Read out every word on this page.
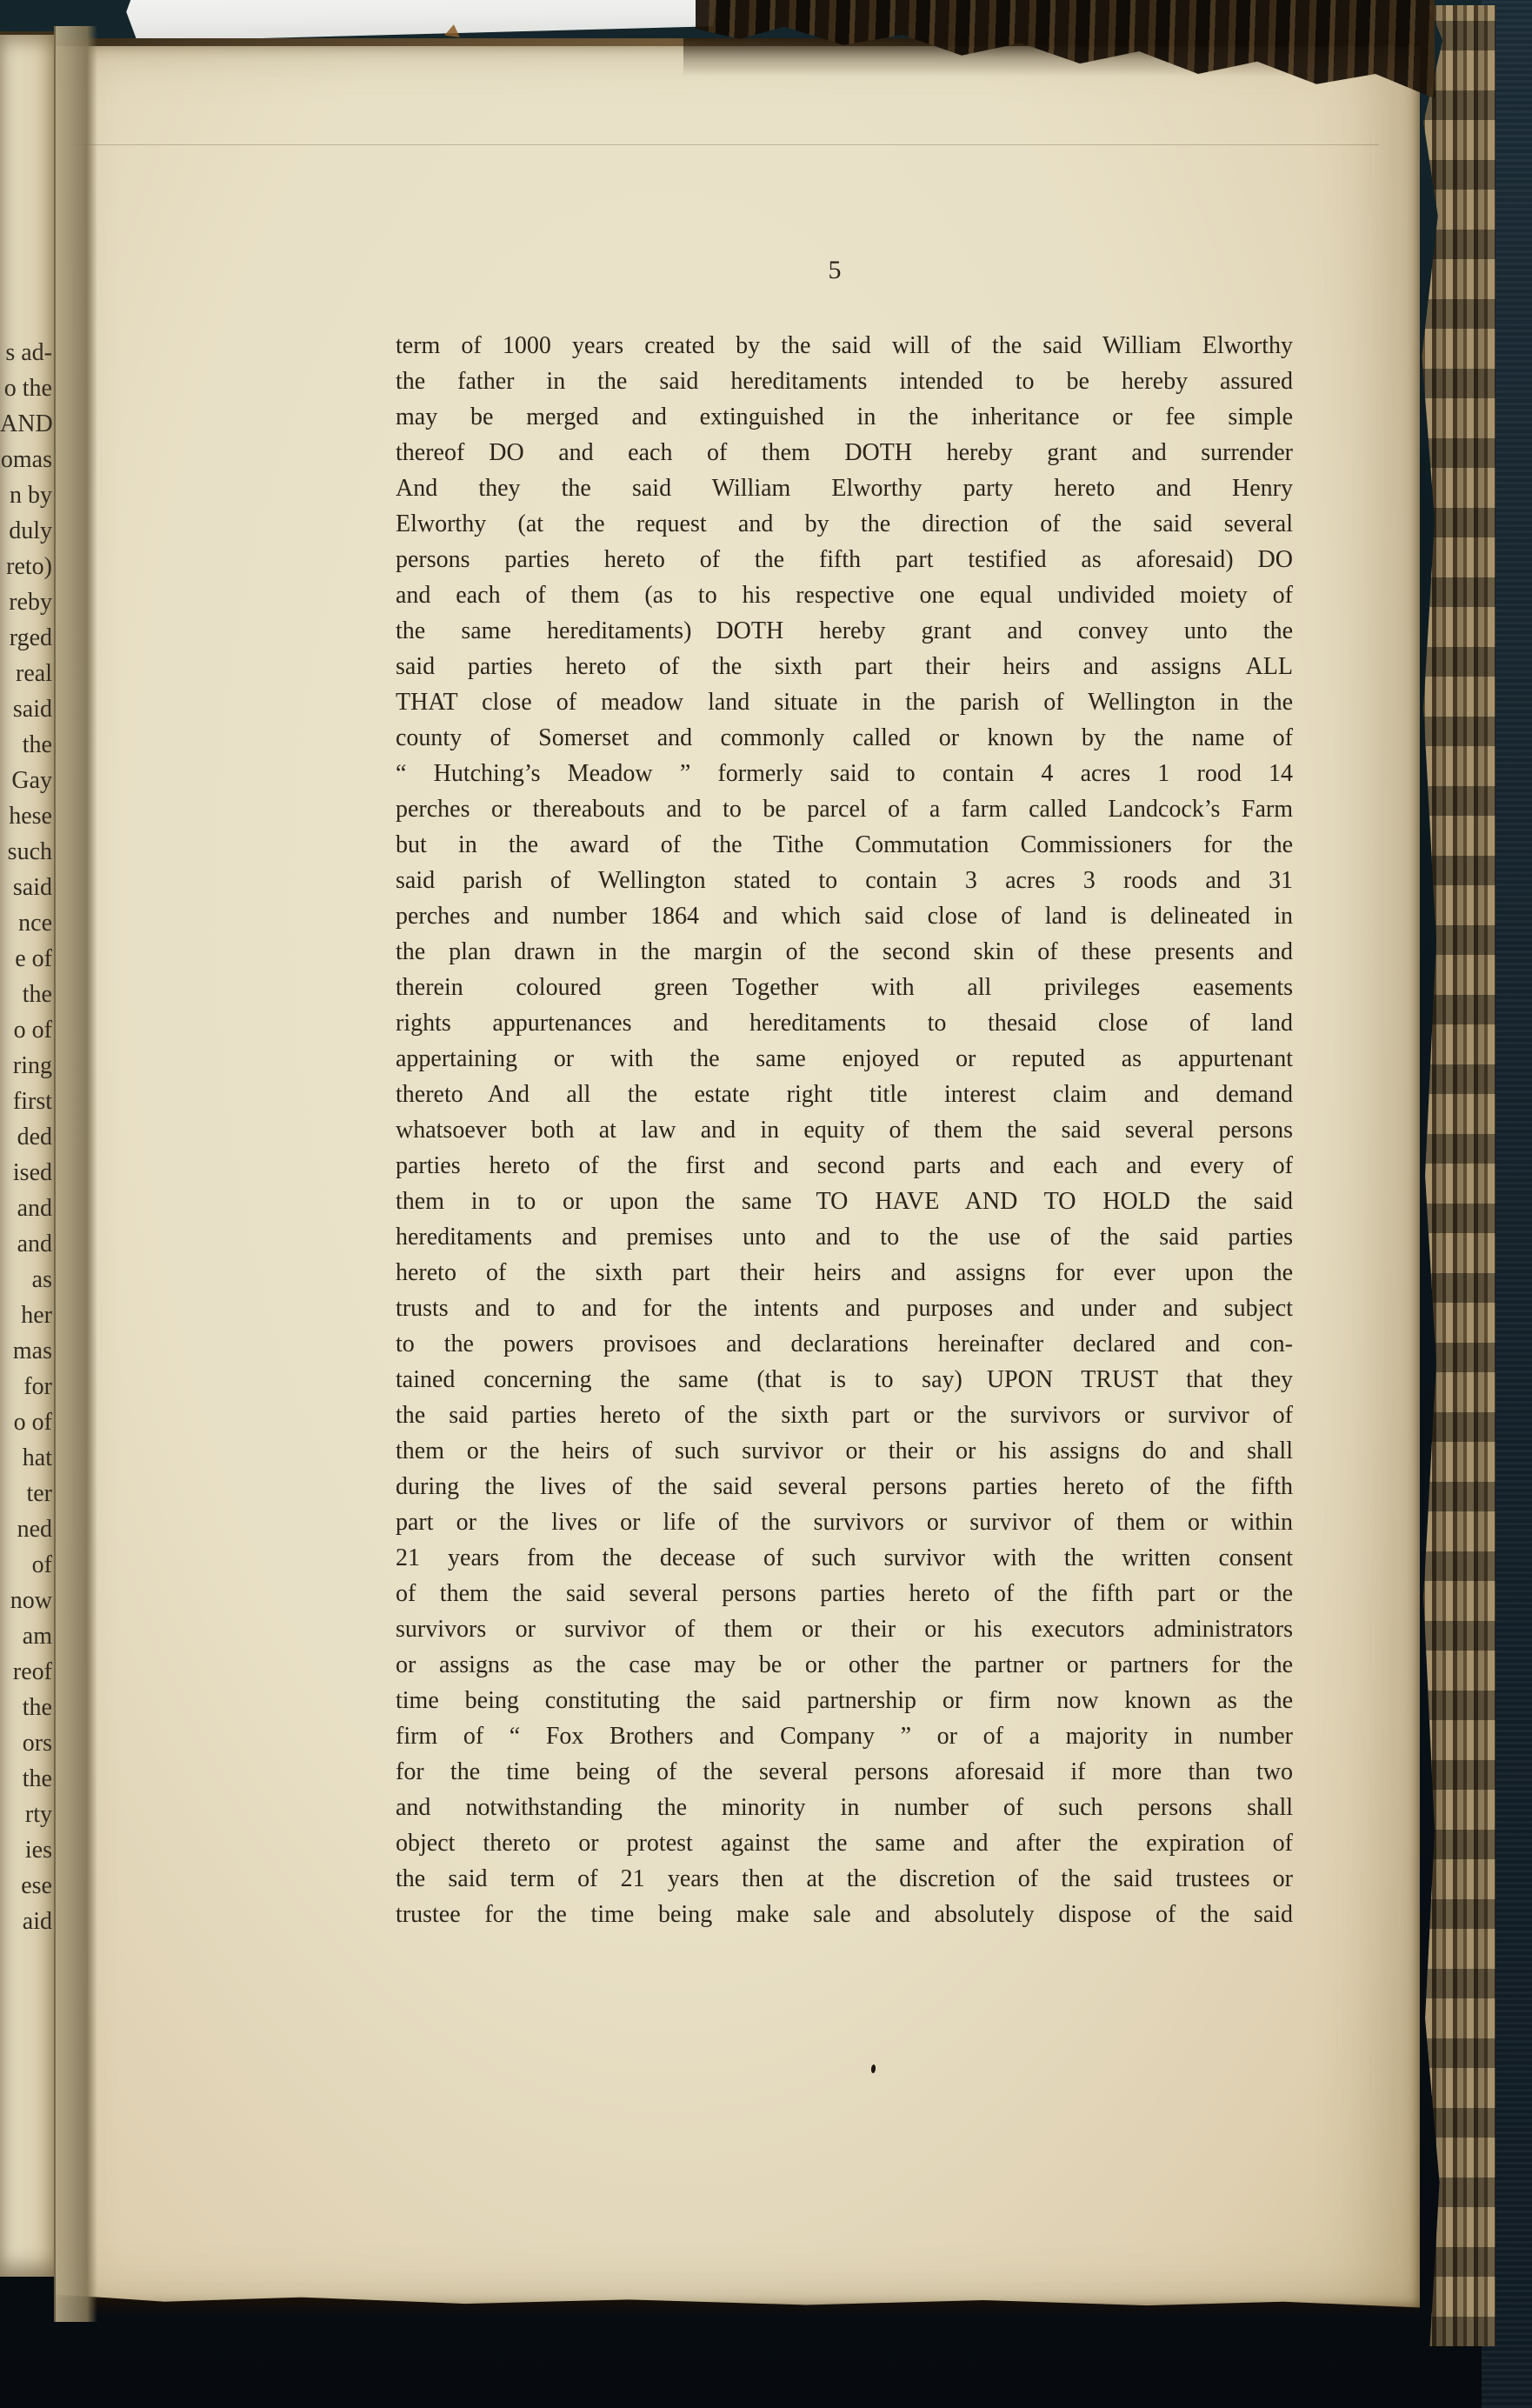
s ad-
o the
AND
omas
n by
duly
reto)
reby
rged
real
said
the
Gay
hese
such
said
nce
e of
the
o of
ring
first
ded
ised
and
and
as
her
mas
for
o of
hat
ter
ned
of
now
am
reof
the
ors
the
rty
ies
ese
aid
5
term of 1000 years created by the said will of the said William Elworthy
the father in the said hereditaments intended to be hereby assured
may be merged and extinguished in the inheritance or fee simple
thereof DO and each of them DOTH hereby grant and surrender
And they the said William Elworthy party hereto and Henry
Elworthy (at the request and by the direction of the said several
persons parties hereto of the fifth part testified as aforesaid) DO
and each of them (as to his respective one equal undivided moiety of
the same hereditaments) DOTH hereby grant and convey unto the
said parties hereto of the sixth part their heirs and assigns ALL
THAT close of meadow land situate in the parish of Wellington in the
county of Somerset and commonly called or known by the name of
“ Hutching’s Meadow ” formerly said to contain 4 acres 1 rood 14
perches or thereabouts and to be parcel of a farm called Landcock’s Farm
but in the award of the Tithe Commutation Commissioners for the
said parish of Wellington stated to contain 3 acres 3 roods and 31
perches and number 1864 and which said close of land is delineated in
the plan drawn in the margin of the second skin of these presents and
therein coloured green Together with all privileges easements
rights appurtenances and hereditaments to thesaid close of land
appertaining or with the same enjoyed or reputed as appurtenant
thereto And all the estate right title interest claim and demand
whatsoever both at law and in equity of them the said several persons
parties hereto of the first and second parts and each and every of
them in to or upon the same TO HAVE AND TO HOLD the said
hereditaments and premises unto and to the use of the said parties
hereto of the sixth part their heirs and assigns for ever upon the
trusts and to and for the intents and purposes and under and subject
to the powers provisoes and declarations hereinafter declared and con-
tained concerning the same (that is to say) UPON TRUST that they
the said parties hereto of the sixth part or the survivors or survivor of
them or the heirs of such survivor or their or his assigns do and shall
during the lives of the said several persons parties hereto of the fifth
part or the lives or life of the survivors or survivor of them or within
21 years from the decease of such survivor with the written consent
of them the said several persons parties hereto of the fifth part or the
survivors or survivor of them or their or his executors administrators
or assigns as the case may be or other the partner or partners for the
time being constituting the said partnership or firm now known as the
firm of “ Fox Brothers and Company ” or of a majority in number
for the time being of the several persons aforesaid if more than two
and notwithstanding the minority in number of such persons shall
object thereto or protest against the same and after the expiration of
the said term of 21 years then at the discretion of the said trustees or
trustee for the time being make sale and absolutely dispose of the said
